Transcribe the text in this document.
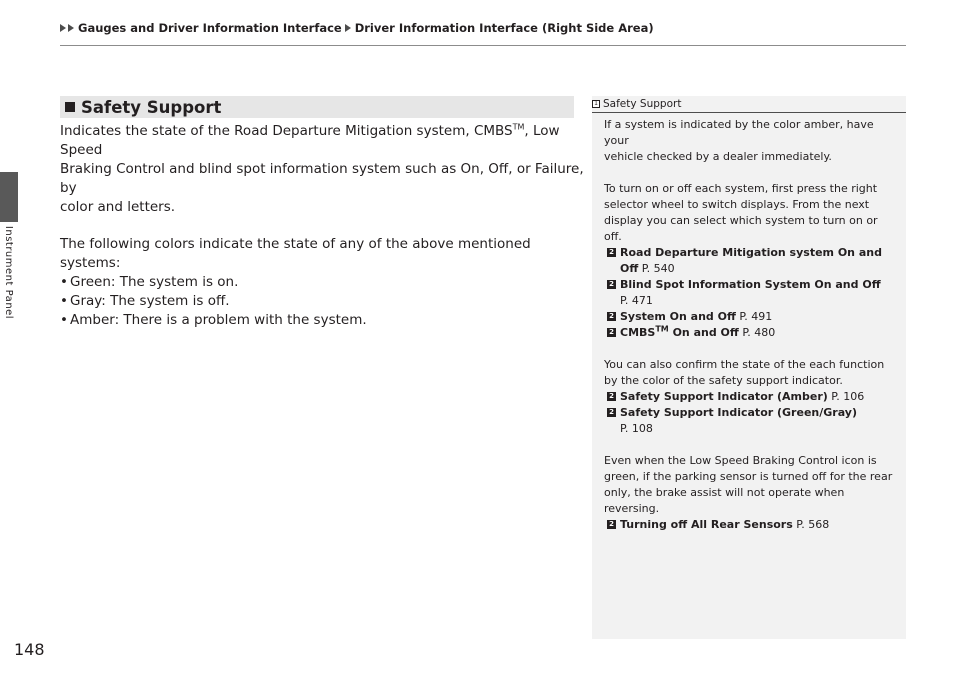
Gauges and Driver Information Interface Driver Information Interface (Right Side Area)
Instrument Panel
148
Safety Support

Indicates the state of the Road Departure Mitigation system, CMBS™, Low Speed

Braking Control and blind spot information system such as On, Off, or Failure, by

color and letters.

The following colors indicate the state of any of the above mentioned systems:

• Green: The system is on.
• Gray: The system is off.
• Amber: There is a problem with the system.
1 Safety Support

If a system is indicated by the color amber, have your

vehicle checked by a dealer immediately.

To turn on or off each system, first press the right

selector wheel to switch displays. From the next

display you can select which system to turn on or off.

2 Road Departure Mitigation system On and
Off P. 540
2 Blind Spot Information System On and Off
P. 471
2 System On and Off P. 491
2 CMBS™ On and Off P. 480

You can also confirm the state of the each function

by the color of the safety support indicator.

2 Safety Support Indicator (Amber) P. 106
2 Safety Support Indicator (Green/Gray)
P. 108

Even when the Low Speed Braking Control icon is

green, if the parking sensor is turned off for the rear

only, the brake assist will not operate when reversing.

2 Turning off All Rear Sensors P. 568
